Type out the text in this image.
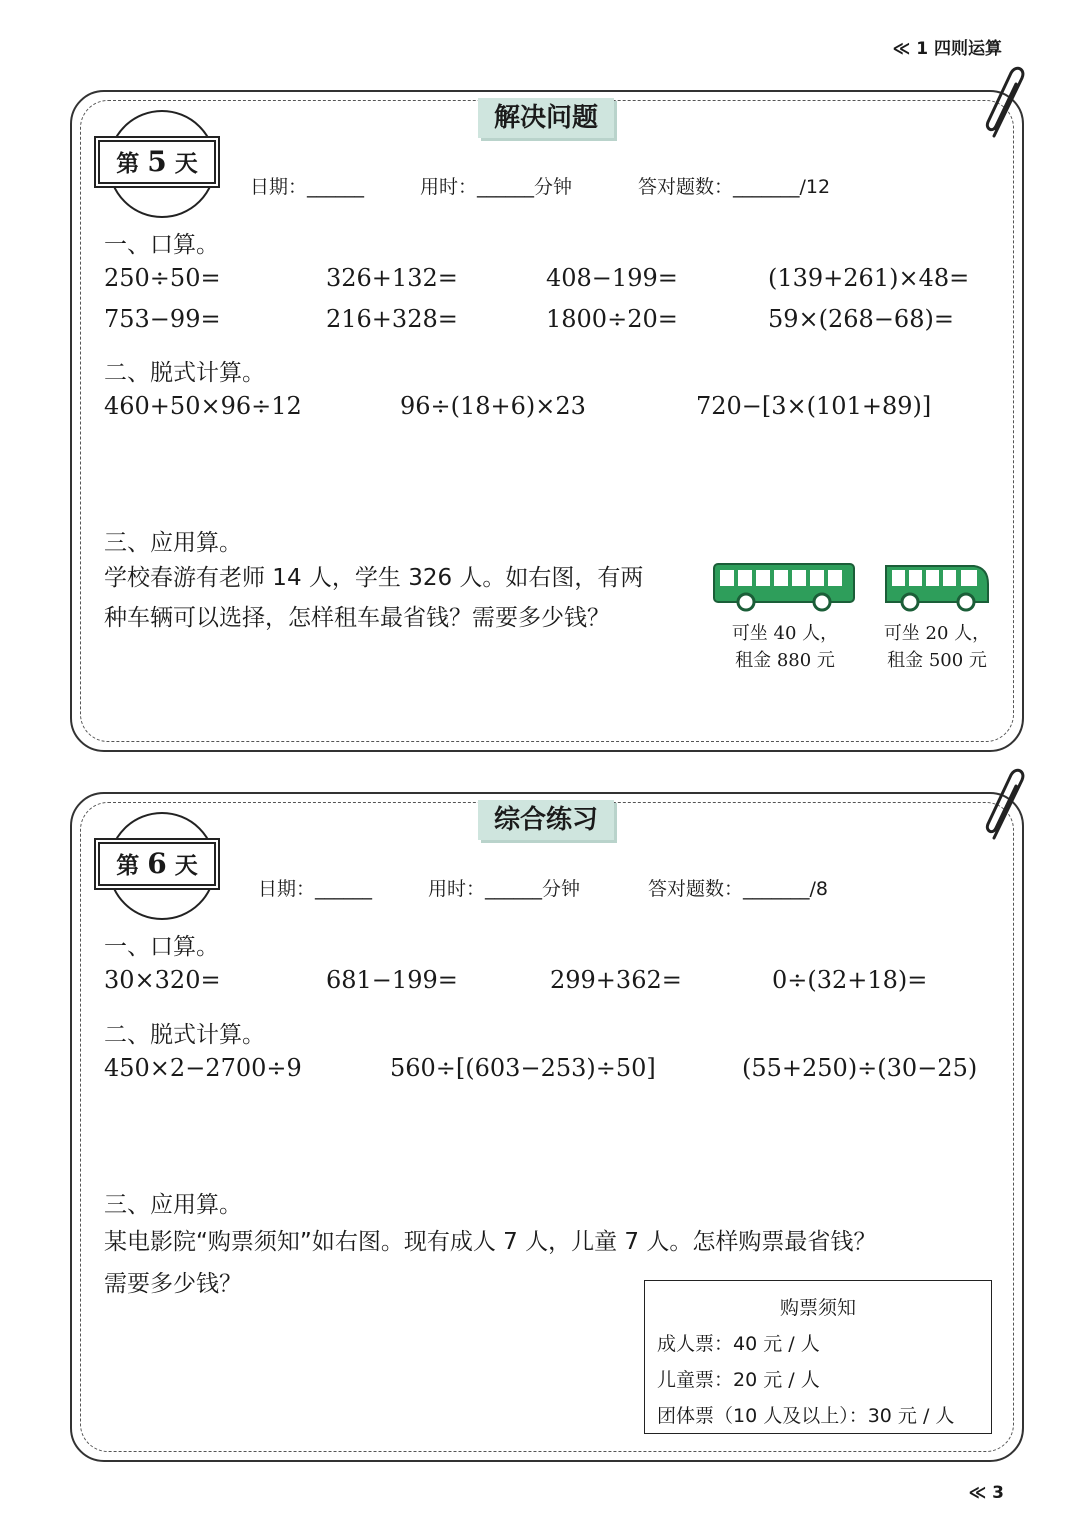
≪ 1 四则运算
解决问题
第 5 天
日期：______	用时：______分钟	答对题数：_______/12
一、口算。
250÷50=	326+132=	408−199=	(139+261)×48=
753−99=	216+328=	1800÷20=	59×(268−68)=
二、脱式计算。
460+50×96÷12	96÷(18+6)×23	720−[3×(101+89)]
三、应用算。
学校春游有老师 14 人，学生 326 人。如右图，有两
种车辆可以选择，怎样租车最省钱？需要多少钱？
可坐 40 人，
租金 880 元
可坐 20 人，
租金 500 元
综合练习
第 6 天
日期：______	用时：______分钟	答对题数：_______/8
一、口算。
30×320=	681−199=	299+362=	0÷(32+18)=
二、脱式计算。
450×2−2700÷9	560÷[(603−253)÷50]	(55+250)÷(30−25)
三、应用算。
某电影院“购票须知”如右图。现有成人 7 人，儿童 7 人。怎样购票最省钱？
需要多少钱？
购票须知
成人票：40 元 / 人
儿童票：20 元 / 人
团体票（10 人及以上）：30 元 / 人
≪ 3
